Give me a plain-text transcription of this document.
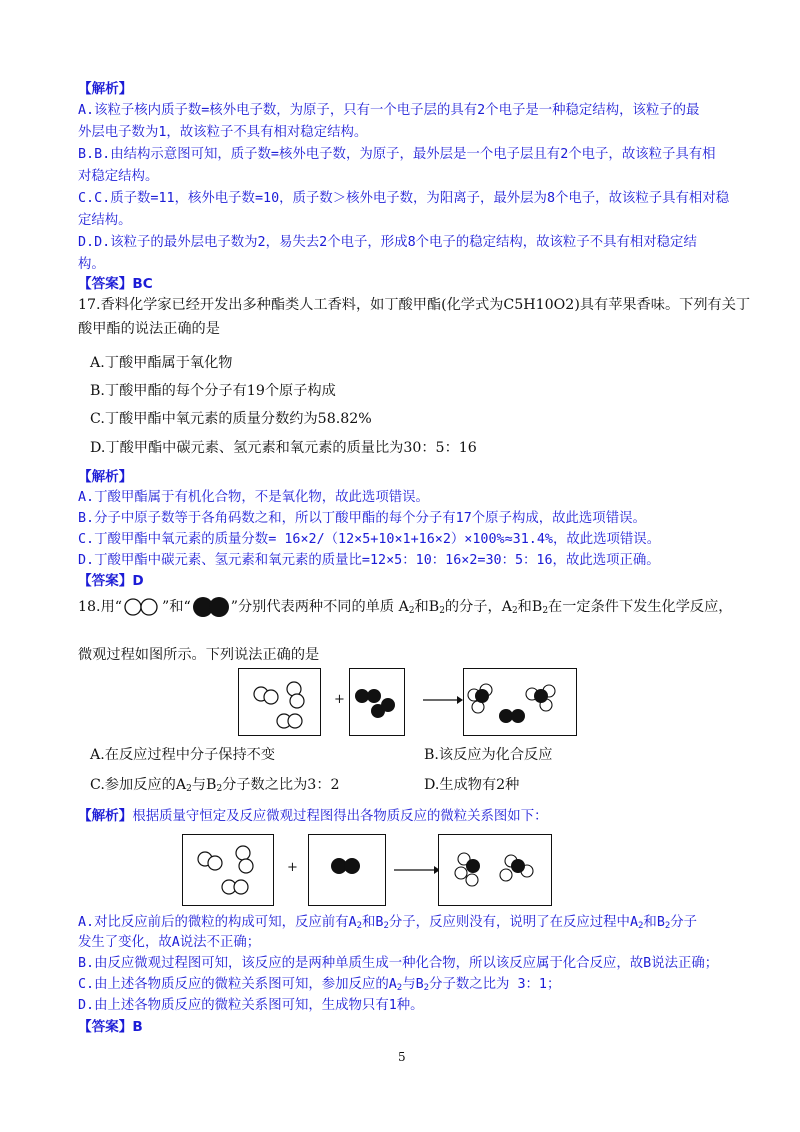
【解析】
A.该粒子核内质子数=核外电子数，为原子，只有一个电子层的具有2个电子是一种稳定结构，该粒子的最
外层电子数为1，故该粒子不具有相对稳定结构。
B.B.由结构示意图可知，质子数=核外电子数，为原子，最外层是一个电子层且有2个电子，故该粒子具有相
对稳定结构。
C.C.质子数=11，核外电子数=10，质子数＞核外电子数，为阳离子，最外层为8个电子，故该粒子具有相对稳
定结构。
D.D.该粒子的最外层电子数为2，易失去2个电子，形成8个电子的稳定结构，故该粒子不具有相对稳定结
构。
【答案】BC
17.香料化学家已经开发出多种酯类人工香料，如丁酸甲酯(化学式为C5H10O2)具有苹果香味。下列有关丁
酸甲酯的说法正确的是
A.丁酸甲酯属于氧化物
B.丁酸甲酯的每个分子有19个原子构成
C.丁酸甲酯中氧元素的质量分数约为58.82%
D.丁酸甲酯中碳元素、氢元素和氧元素的质量比为30：5：16
【解析】
A.丁酸甲酯属于有机化合物，不是氧化物，故此选项错误。
B.分子中原子数等于各角码数之和，所以丁酸甲酯的每个分子有17个原子构成，故此选项错误。
C.丁酸甲酯中氧元素的质量分数= 16×2/（12×5+10×1+16×2）×100%≈31.4%，故此选项错误。
D.丁酸甲酯中碳元素、氢元素和氧元素的质量比=12×5：10：16×2=30：5：16，故此选项正确。
【答案】D
18.用“	”和“	”分别代表两种不同的单质 $A_2$和$B_2$的分子，$A_2$和$B_2$在一定条件下发生化学反应，
微观过程如图所示。下列说法正确的是
+
A.在反应过程中分子保持不变	B.该反应为化合反应
C.参加反应的$A_2$与$B_2$分子数之比为3：2	D.生成物有2种
【解析】根据质量守恒定及反应微观过程图得出各物质反应的微粒关系图如下：
+
A.对比反应前后的微粒的构成可知，反应前有$A_2$和$B_2$分子，反应则没有，说明了在反应过程中$A_2$和$B_2$分子
发生了变化，故A说法不正确；
B.由反应微观过程图可知，该反应的是两种单质生成一种化合物，所以该反应属于化合反应，故B说法正确；
C.由上述各物质反应的微粒关系图可知，参加反应的$A_2$与$B_2$分子数之比为 3：1；
D.由上述各物质反应的微粒关系图可知，生成物只有1种。
【答案】B
5
